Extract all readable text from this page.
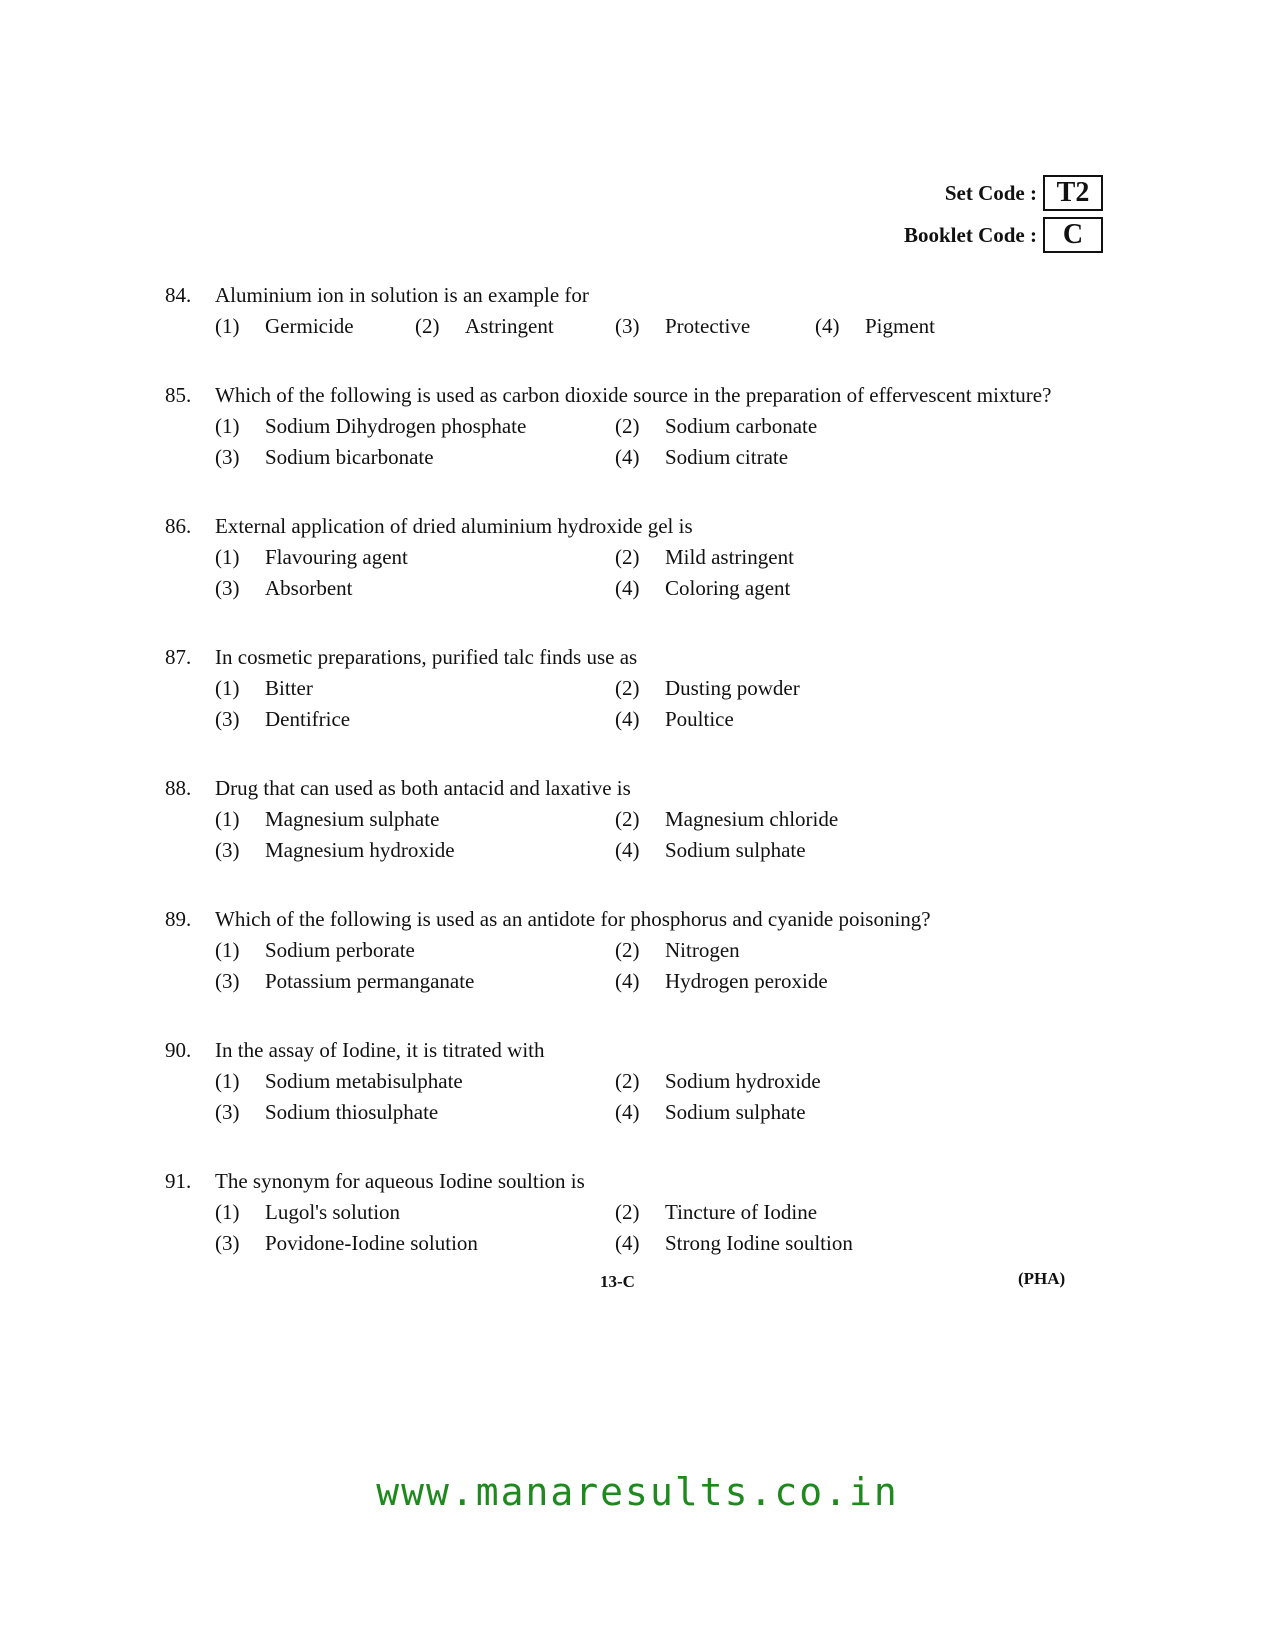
Set Code : T2
Booklet Code : C
84.	Aluminium ion in solution is an example for
(1)	Germicide	(2)	Astringent	(3)	Protective	(4)	Pigment
85.	Which of the following is used as carbon dioxide source in the preparation of effervescent mixture?
(1)	Sodium Dihydrogen phosphate	(2)	Sodium carbonate
(3)	Sodium bicarbonate	(4)	Sodium citrate
86.	External application of dried aluminium hydroxide gel is
(1)	Flavouring agent	(2)	Mild astringent
(3)	Absorbent	(4)	Coloring agent
87.	In cosmetic preparations, purified talc finds use as
(1)	Bitter	(2)	Dusting powder
(3)	Dentifrice	(4)	Poultice
88.	Drug that can used as both antacid and laxative is
(1)	Magnesium sulphate	(2)	Magnesium chloride
(3)	Magnesium hydroxide	(4)	Sodium sulphate
89.	Which of the following is used as an antidote for phosphorus and cyanide poisoning?
(1)	Sodium perborate	(2)	Nitrogen
(3)	Potassium permanganate	(4)	Hydrogen peroxide
90.	In the assay of Iodine, it is titrated with
(1)	Sodium metabisulphate	(2)	Sodium hydroxide
(3)	Sodium thiosulphate	(4)	Sodium sulphate
91.	The synonym for aqueous Iodine soultion is
(1)	Lugol's solution	(2)	Tincture of Iodine
(3)	Povidone-Iodine solution	(4)	Strong Iodine soultion
13-C	(PHA)
www.manaresults.co.in
